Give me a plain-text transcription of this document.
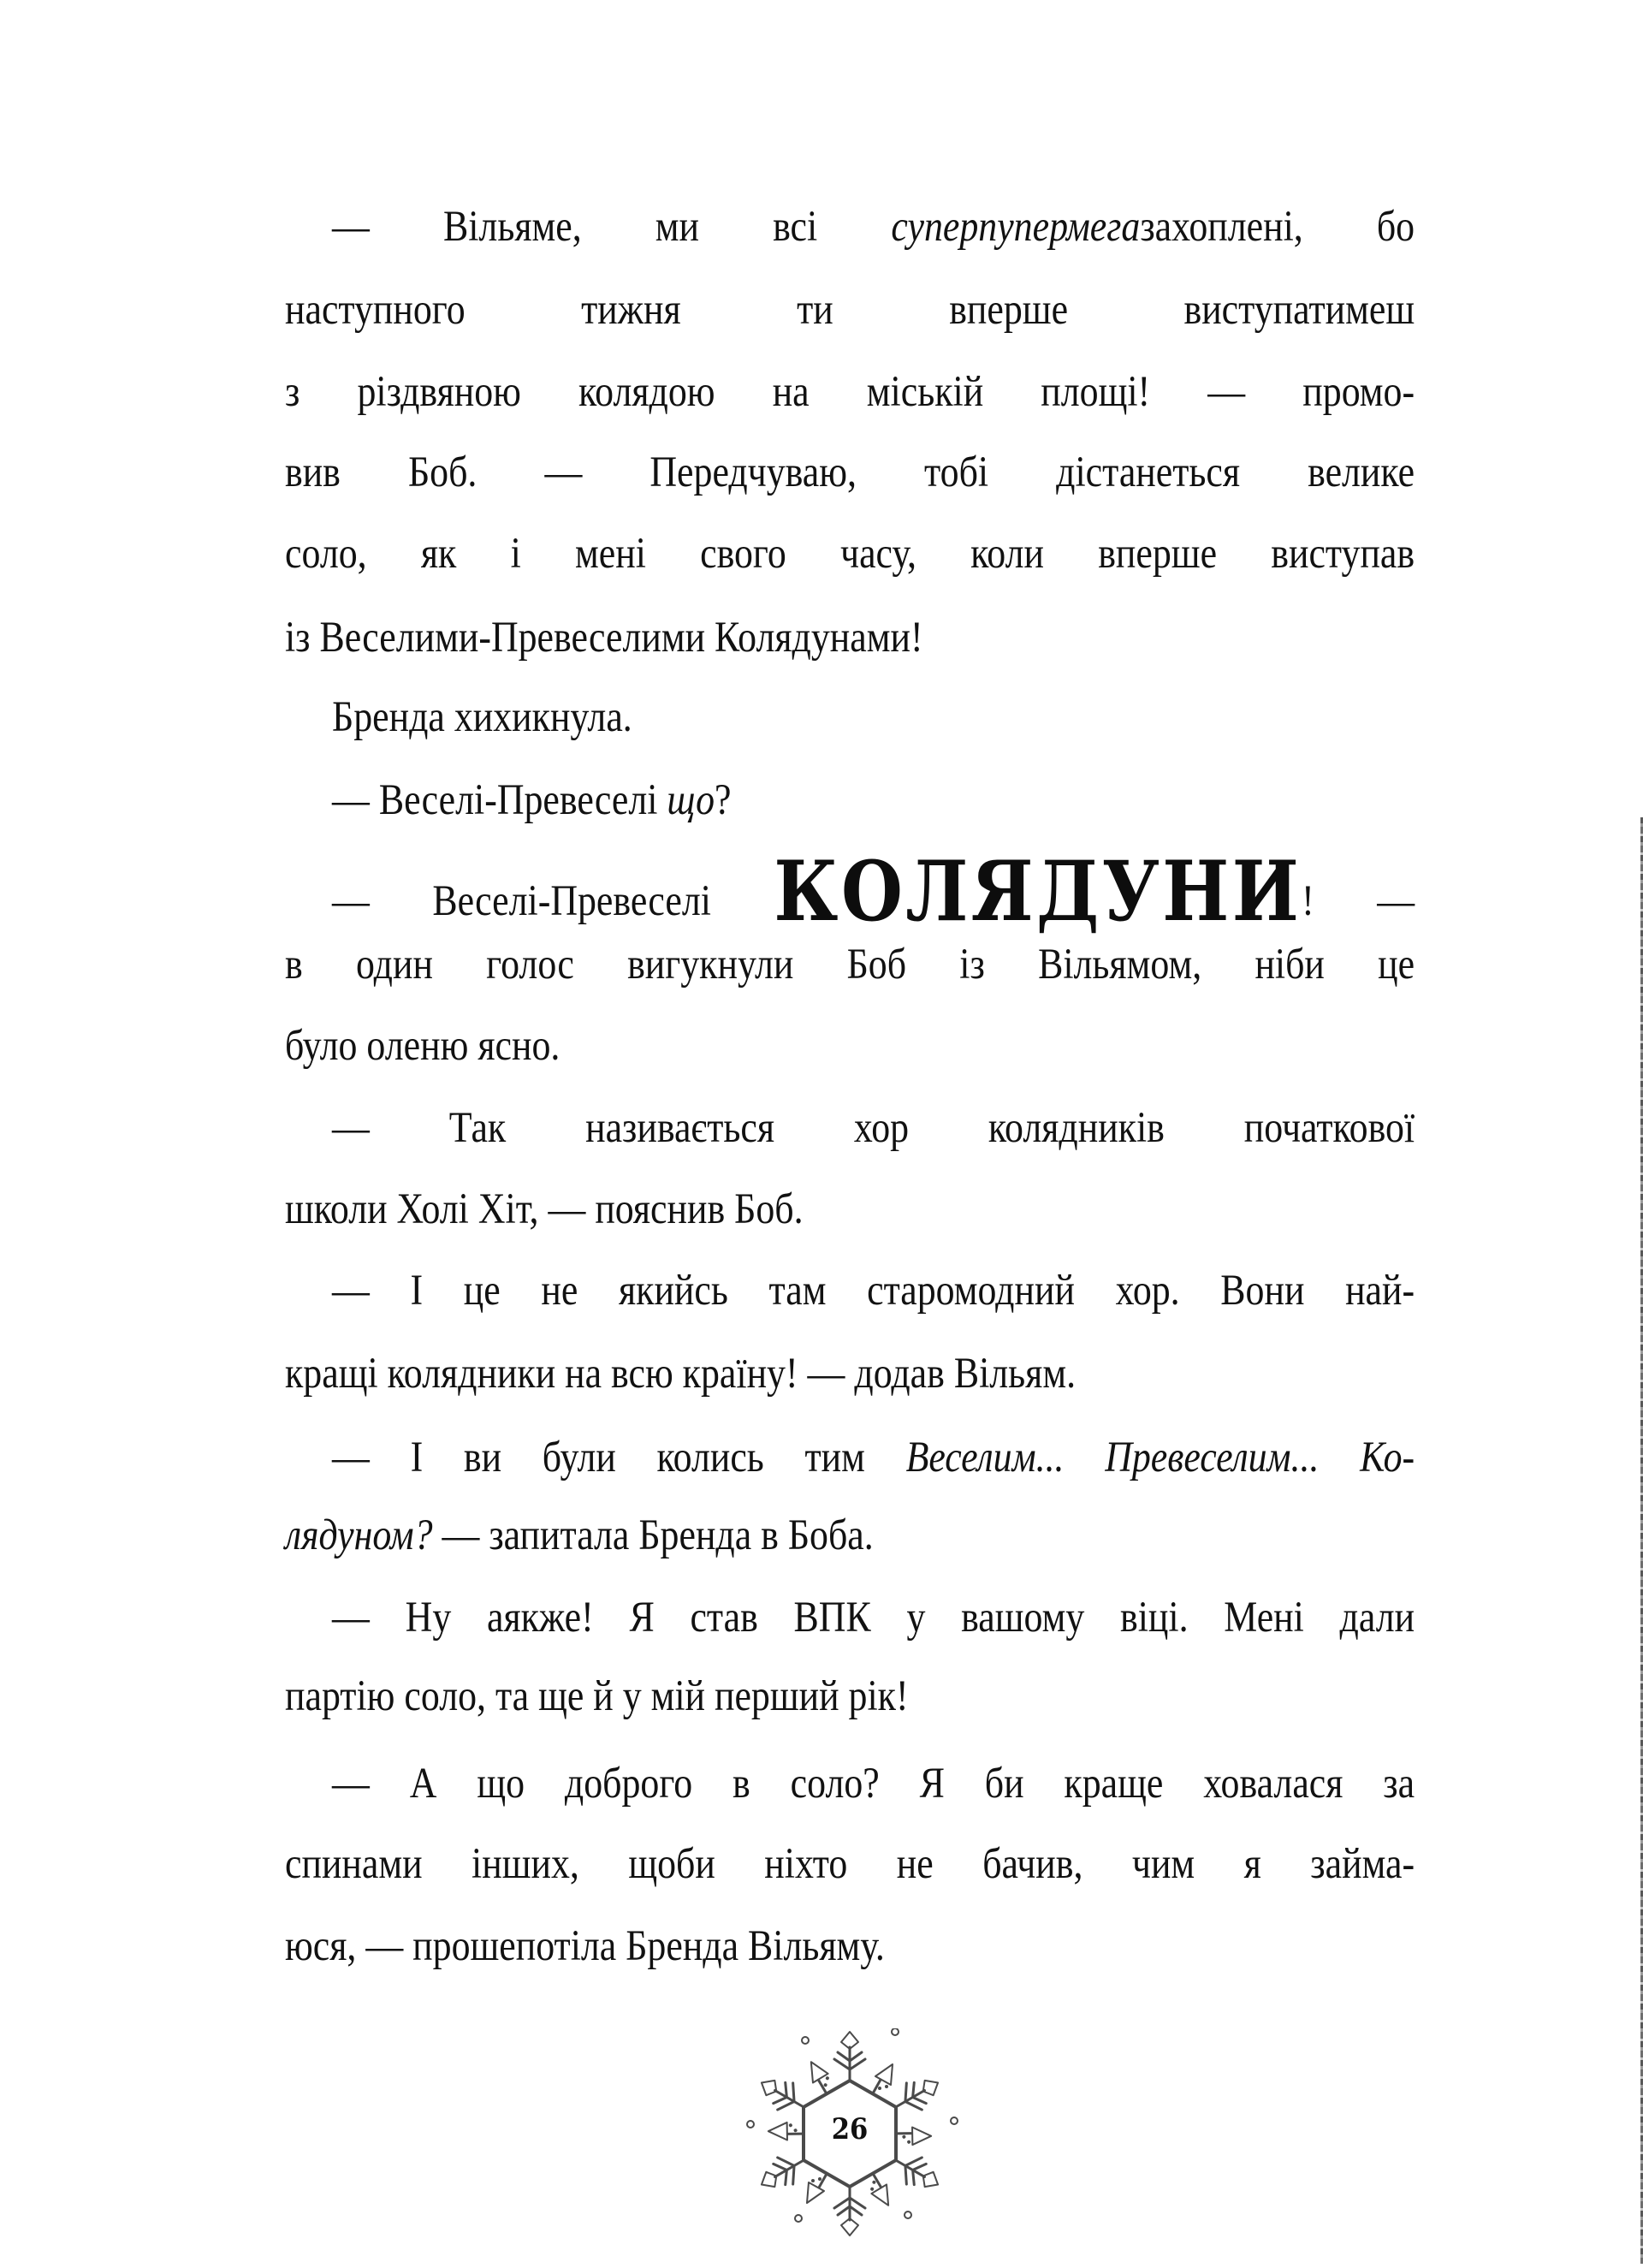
— Вільяме, ми всі суперпупермегазахоплені, бо
наступного тижня ти вперше виступатимеш
з різдвяною колядою на міській площі! — промо-
вив Боб. — Передчуваю, тобі дістанеться велике
соло, як і мені свого часу, коли вперше виступав
із Веселими-Превеселими Колядунами!
Бренда хихикнула.
— Веселі-Превеселі що?
— Веселі-Превеселі КОЛЯДУНИ! —
в один голос вигукнули Боб із Вільямом, ніби це
було оленю ясно.
— Так називається хор колядників початкової
школи Холі Хіт, — пояснив Боб.
— І це не якийсь там старомодний хор. Вони най-
кращі колядники на всю країну! — додав Вільям.
— І ви були колись тим Веселим... Превеселим... Ко-
лядуном? — запитала Бренда в Боба.
— Ну аякже! Я став ВПК у вашому віці. Мені дали
партію соло, та ще й у мій перший рік!
— А що доброго в соло? Я би краще ховалася за
спинами інших, щоби ніхто не бачив, чим я займа-
юся, — прошепотіла Бренда Вільяму.
26
